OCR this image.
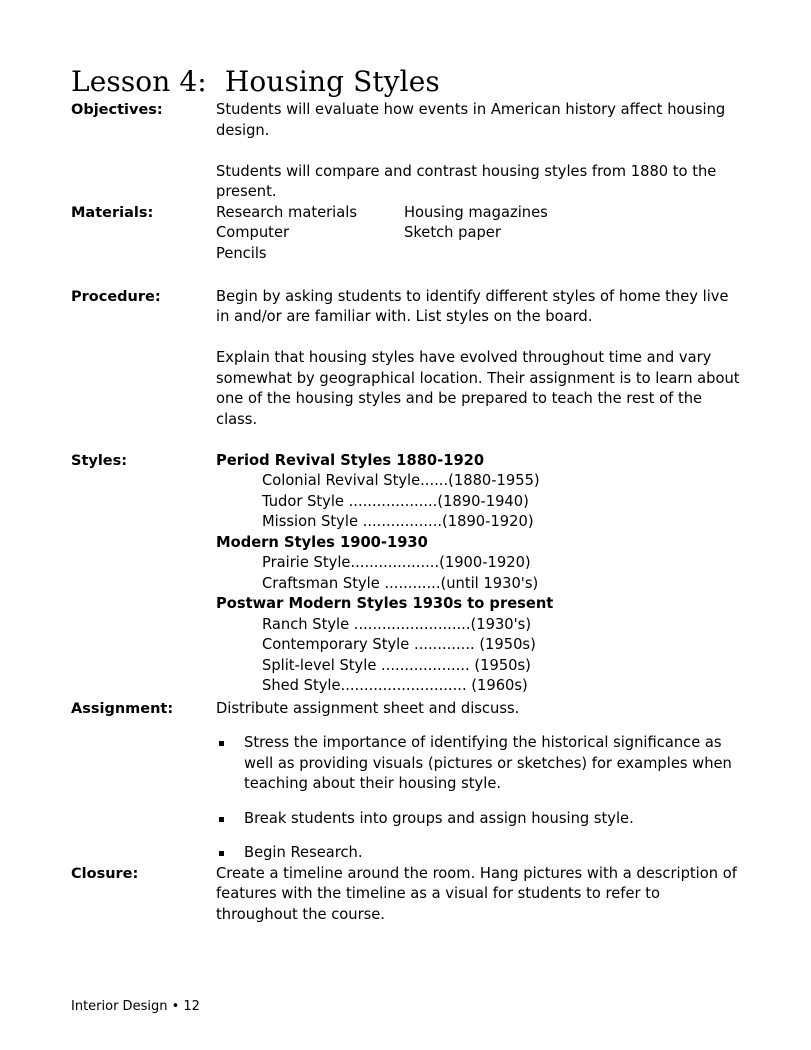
Lesson 4:  Housing Styles
Objectives:	Students will evaluate how events in American history affect housing design.

Students will compare and contrast housing styles from 1880 to the present.

Materials:	Research materials	Housing magazines
Computer	Sketch paper
Pencils	
Procedure:	Begin by asking students to identify different styles of home they live in and/or are familiar with. List styles on the board.

Explain that housing styles have evolved throughout time and vary somewhat by geographical location. Their assignment is to learn about one of the housing styles and be prepared to teach the rest of the class.

Styles:	Period Revival Styles 1880-1920
Colonial Revival Style......(1880-1955)
Tudor Style ...................(1890-1940)
Mission Style .................(1890-1920)
Modern Styles 1900-1930
Prairie Style...................(1900-1920)
Craftsman Style ............(until 1930's)
Postwar Modern Styles 1930s to present
Ranch Style .........................(1930's)
Contemporary Style ............. (1950s)
Split-level Style ................... (1950s)
Shed Style........................... (1960s)
Assignment:	Distribute assignment sheet and discuss.

Stress the importance of identifying the historical significance as well as providing visuals (pictures or sketches) for examples when teaching about their housing style.
Break students into groups and assign housing style.
Begin Research.
Closure:	Create a timeline around the room. Hang pictures with a description of features with the timeline as a visual for students to refer to throughout the course.

Interior Design • 12
